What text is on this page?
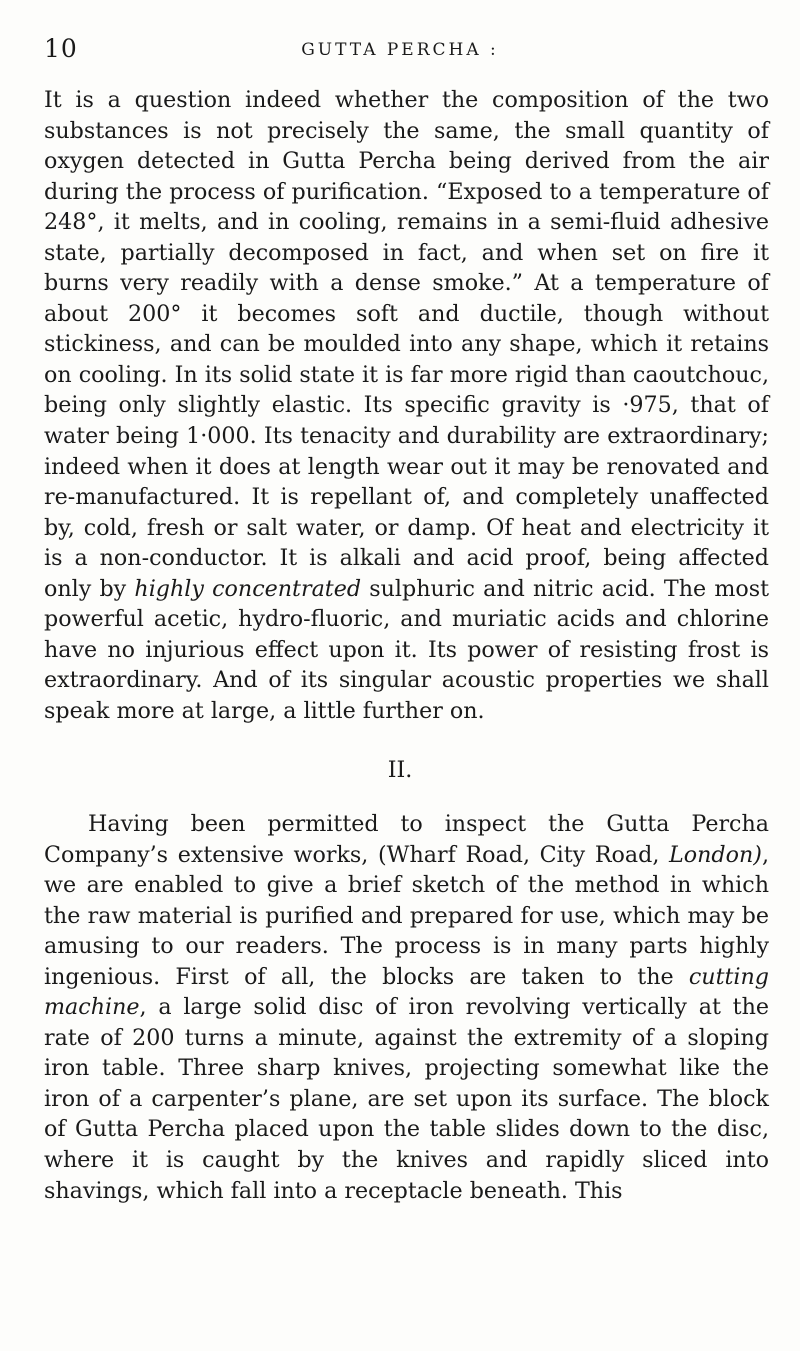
10	GUTTA PERCHA :
It is a question indeed whether the composition of the two substances is not precisely the same, the small quantity of oxygen detected in Gutta Percha being derived from the air during the process of purification. “Exposed to a temperature of 248°, it melts, and in cooling, remains in a semi-fluid adhesive state, partially decomposed in fact, and when set on fire it burns very readily with a dense smoke.” At a temperature of about 200° it becomes soft and ductile, though without stickiness, and can be moulded into any shape, which it retains on cooling. In its solid state it is far more rigid than caoutchouc, being only slightly elastic. Its specific gravity is ·975, that of water being 1·000. Its tenacity and durability are extraordinary; indeed when it does at length wear out it may be renovated and re-manufactured. It is repellant of, and completely unaffected by, cold, fresh or salt water, or damp. Of heat and electricity it is a non-conductor. It is alkali and acid proof, being affected only by highly concentrated sulphuric and nitric acid. The most powerful acetic, hydro-fluoric, and muriatic acids and chlorine have no injurious effect upon it. Its power of resisting frost is extraordinary. And of its singular acoustic properties we shall speak more at large, a little further on.
II.
Having been permitted to inspect the Gutta Percha Company’s extensive works, (Wharf Road, City Road, London), we are enabled to give a brief sketch of the method in which the raw material is purified and prepared for use, which may be amusing to our readers. The process is in many parts highly ingenious. First of all, the blocks are taken to the cutting machine, a large solid disc of iron revolving vertically at the rate of 200 turns a minute, against the extremity of a sloping iron table. Three sharp knives, projecting somewhat like the iron of a carpenter’s plane, are set upon its surface. The block of Gutta Percha placed upon the table slides down to the disc, where it is caught by the knives and rapidly sliced into shavings, which fall into a receptacle beneath. This
